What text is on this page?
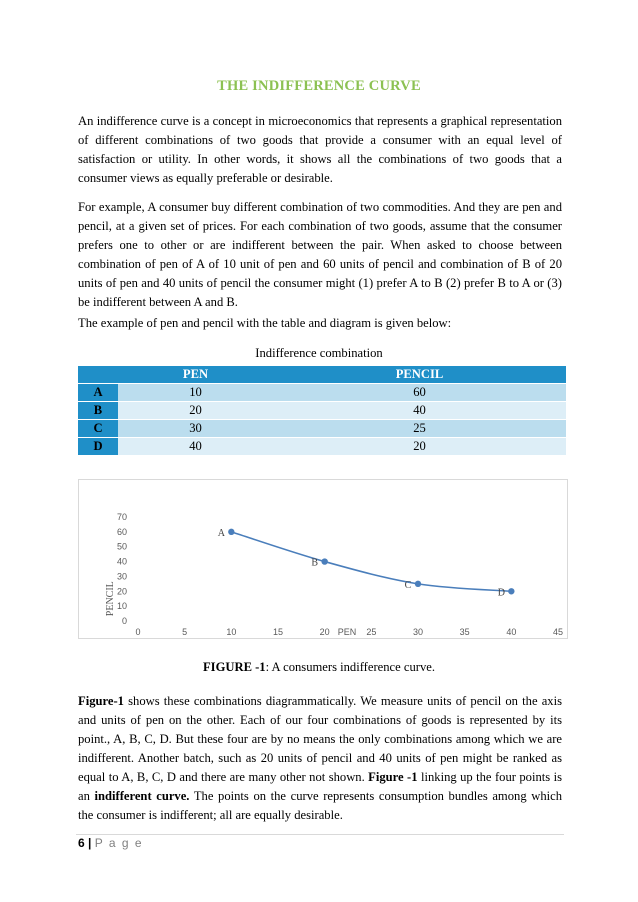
THE INDIFFERENCE CURVE

An indifference curve is a concept in microeconomics that represents a graphical representation of different combinations of two goods that provide a consumer with an equal level of satisfaction or utility. In other words, it shows all the combinations of two goods that a consumer views as equally preferable or desirable.

For example, A consumer buy different combination of two commodities. And they are pen and pencil, at a given set of prices. For each combination of two goods, assume that the consumer prefers one to other or are indifferent between the pair. When asked to choose between combination of pen of A of 10 unit of pen and 60 units of pencil and combination of B of 20 units of pen and 40 units of pencil the consumer might (1) prefer A to B (2) prefer B to A or (3) be indifferent between A and B.

The example of pen and pencil with the table and diagram is given below:

Indifference combination
	PEN	PENCIL
A	10	60
B	20	40
C	30	25
D	40	20
0
10
20
30
40
50
60
70
0	5	10	15	20	25	30	35	40	45
PEN
PENCIL
A
B
C
D
FIGURE -1: A consumers indifference curve.

Figure-1 shows these combinations diagrammatically. We measure units of pencil on the axis and units of pen on the other. Each of our four combinations of goods is represented by its point., A, B, C, D. But these four are by no means the only combinations among which we are indifferent. Another batch, such as 20 units of pencil and 40 units of pen might be ranked as equal to A, B, C, D and there are many other not shown. Figure -1 linking up the four points is an indifferent curve. The points on the curve represents consumption bundles among which the consumer is indifferent; all are equally desirable.

6 | P a g e
